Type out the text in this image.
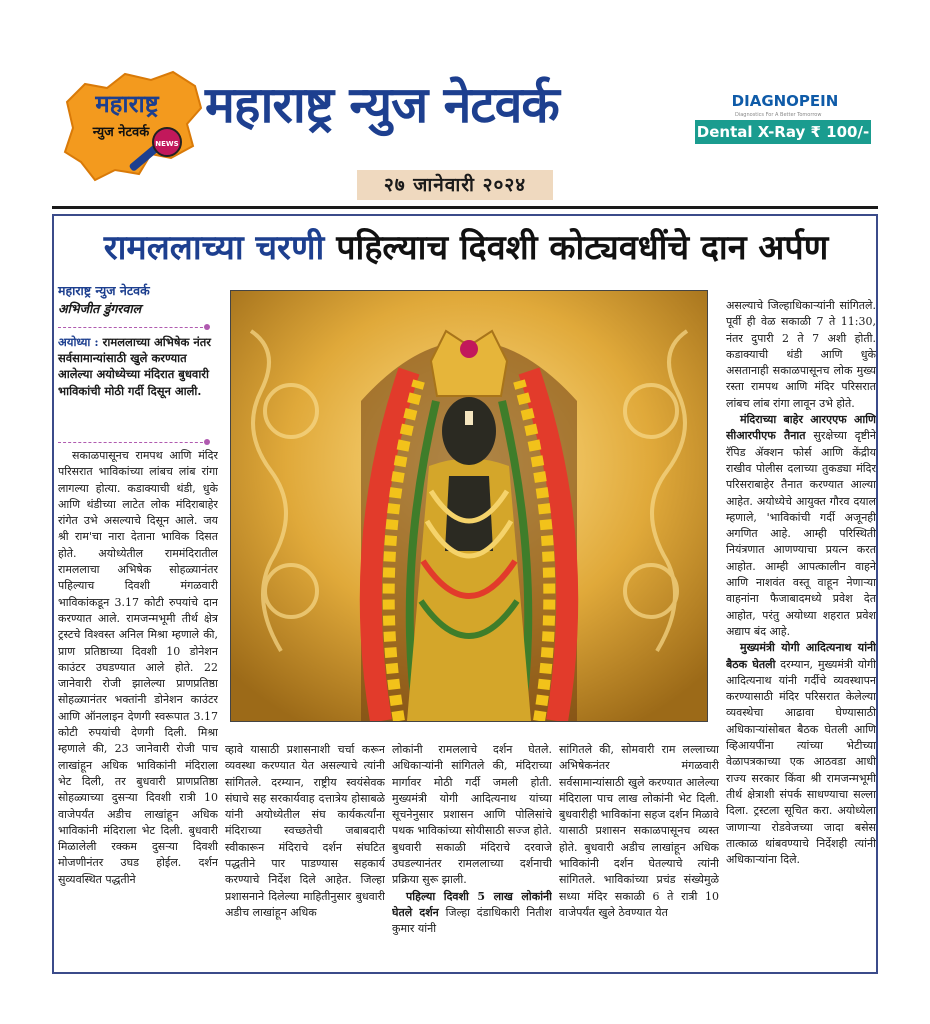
महाराष्ट्र
न्युज नेटवर्क
NEWS
महाराष्ट्र न्युज नेटवर्क	DIAGNOPEIN
Diagnostics For A Better Tomorrow
Dental X-Ray ₹ 100/-
२७ जानेवारी २०२४
रामललाच्या चरणी पहिल्याच दिवशी कोट्यवधींचे दान अर्पण
महाराष्ट्र न्युज नेटवर्क
अभिजीत डुंगरवाल
अयोध्या : रामललाच्या अभिषेक नंतर सर्वसामान्यांसाठी खुले करण्यात आलेल्या अयोध्येच्या मंदिरात बुधवारी भाविकांची मोठी गर्दी दिसून आली.

सकाळपासूनच रामपथ आणि मंदिर परिसरात भाविकांच्या लांबच लांब रांगा लागल्या होत्या. कडाक्याची थंडी, धुके आणि थंडीच्या लाटेत लोक मंदिराबाहेर रांगेत उभे असल्याचे दिसून आले. जय श्री राम'चा नारा देताना भाविक दिसत होते. अयोध्येतील राममंदिरातील रामललाचा अभिषेक सोहळ्यानंतर पहिल्याच दिवशी मंगळवारी भाविकांकडून 3.17 कोटी रुपयांचे दान करण्यात आले. रामजन्मभूमी तीर्थ क्षेत्र ट्रस्टचे विश्वस्त अनिल मिश्रा म्हणाले की, प्राण प्रतिष्ठाच्या दिवशी 10 डोनेशन काउंटर उघडण्यात आले होते. 22 जानेवारी रोजी झालेल्या प्राणप्रतिष्ठा सोहळ्यानंतर भक्तांनी डोनेशन काउंटर आणि ऑनलाइन देणगी स्वरूपात 3.17 कोटी रुपयांची देणगी दिली. मिश्रा म्हणाले की, 23 जानेवारी रोजी पाच लाखांहून अधिक भाविकांनी मंदिराला भेट दिली, तर बुधवारी प्राणप्रतिष्ठा सोहळ्याच्या दुसऱ्या दिवशी रात्री 10 वाजेपर्यंत अडीच लाखांहून अधिक भाविकांनी मंदिराला भेट दिली. बुधवारी मिळालेली रक्कम दुसऱ्या दिवशी मोजणीनंतर उघड होईल. दर्शन सुव्यवस्थित पद्धतीने

व्हावे यासाठी प्रशासनाशी चर्चा करून व्यवस्था करण्यात येत असल्याचे त्यांनी सांगितले. दरम्यान, राष्ट्रीय स्वयंसेवक संघाचे सह सरकार्यवाह दत्तात्रेय होसाबळे यांनी अयोध्येतील संघ कार्यकर्त्यांना मंदिराच्या स्वच्छतेची जबाबदारी स्वीकारून मंदिराचे दर्शन संघटित पद्धतीने पार पाडण्यास सहकार्य करण्याचे निर्देश दिले आहेत. जिल्हा प्रशासनाने दिलेल्या माहितीनुसार बुधवारी अडीच लाखांहून अधिक

लोकांनी रामललाचे दर्शन घेतले. अधिकाऱ्यांनी सांगितले की, मंदिराच्या मार्गावर मोठी गर्दी जमली होती. मुख्यमंत्री योगी आदित्यनाथ यांच्या सूचनेनुसार प्रशासन आणि पोलिसांचे पथक भाविकांच्या सोयीसाठी सज्ज होते. बुधवारी सकाळी मंदिराचे दरवाजे उघडल्यानंतर रामललाच्या दर्शनाची प्रक्रिया सुरू झाली.

पहिल्या दिवशी 5 लाख लोकांनी घेतले दर्शन जिल्हा दंडाधिकारी नितीश कुमार यांनी

सांगितले की, सोमवारी राम लल्लाच्या अभिषेकनंतर मंगळवारी सर्वसामान्यांसाठी खुले करण्यात आलेल्या मंदिराला पाच लाख लोकांनी भेट दिली. बुधवारीही भाविकांना सहज दर्शन मिळावे यासाठी प्रशासन सकाळपासूनच व्यस्त होते. बुधवारी अडीच लाखांहून अधिक भाविकांनी दर्शन घेतल्याचे त्यांनी सांगितले. भाविकांच्या प्रचंड संख्येमुळे सध्या मंदिर सकाळी 6 ते रात्री 10 वाजेपर्यंत खुले ठेवण्यात येत

असल्याचे जिल्हाधिकाऱ्यांनी सांगितले. पूर्वी ही वेळ सकाळी 7 ते 11:30, नंतर दुपारी 2 ते 7 अशी होती. कडाक्याची थंडी आणि धुके असतानाही सकाळपासूनच लोक मुख्य रस्ता रामपथ आणि मंदिर परिसरात लांबच लांब रांगा लावून उभे होते.

मंदिराच्या बाहेर आरएएफ आणि सीआरपीएफ तैनात सुरक्षेच्या दृष्टीने रॅपिड ॲक्शन फोर्स आणि केंद्रीय राखीव पोलीस दलाच्या तुकड्या मंदिर परिसराबाहेर तैनात करण्यात आल्या आहेत. अयोध्येचे आयुक्त गौरव दयाल म्हणाले, 'भाविकांची गर्दी अजूनही अगणित आहे. आम्ही परिस्थिती नियंत्रणात आणण्याचा प्रयत्न करत आहोत. आम्ही आपत्कालीन वाहने आणि नाशवंत वस्तू वाहून नेणाऱ्या वाहनांना फैजाबादमध्ये प्रवेश देत आहोत, परंतु अयोध्या शहरात प्रवेश अद्याप बंद आहे.

मुख्यमंत्री योगी आदित्यनाथ यांनी बैठक घेतली दरम्यान, मुख्यमंत्री योगी आदित्यनाथ यांनी गर्दीचे व्यवस्थापन करण्यासाठी मंदिर परिसरात केलेल्या व्यवस्थेचा आढावा घेण्यासाठी अधिकाऱ्यांसोबत बैठक घेतली आणि व्हिआयपींना त्यांच्या भेटीच्या वेळापत्रकाच्या एक आठवडा आधी राज्य सरकार किंवा श्री रामजन्मभूमी तीर्थ क्षेत्राशी संपर्क साधण्याचा सल्ला दिला. ट्रस्टला सूचित करा. अयोध्येला जाणाऱ्या रोडवेजच्या जादा बसेस तात्काळ थांबवण्याचे निर्देशही त्यांनी अधिकाऱ्यांना दिले.
